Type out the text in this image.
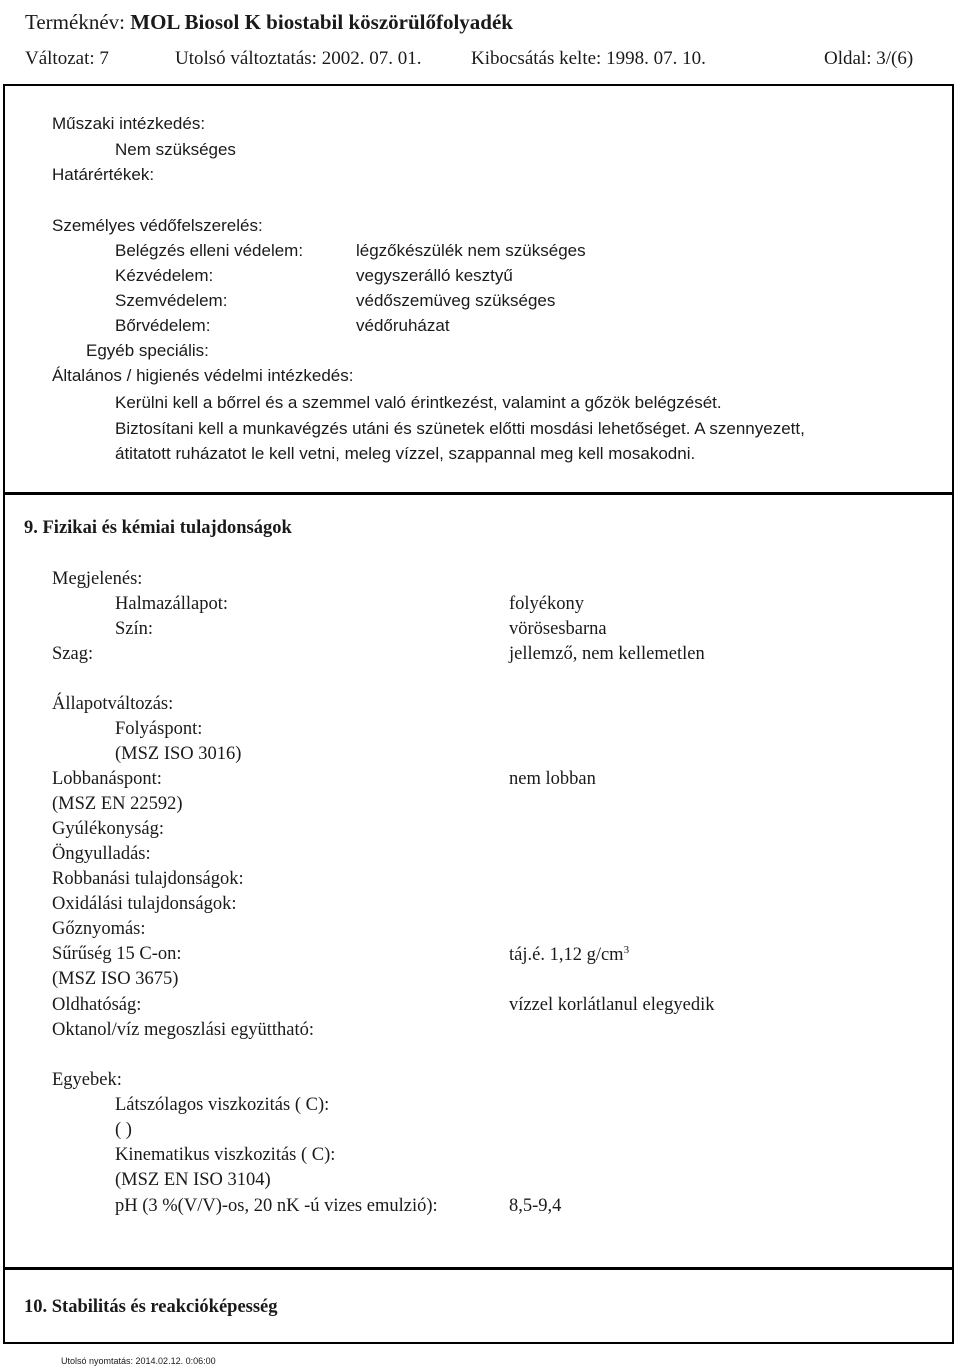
Terméknév: MOL Biosol K biostabil köszörülőfolyadék
Változat: 7	Utolsó változtatás: 2002. 07. 01.	Kibocsátás kelte: 1998. 07. 10.	Oldal: 3/(6)
Műszaki intézkedés:
Nem szükséges
Határértékek:
Személyes védőfelszerelés:
Belégzés elleni védelem:	légzőkészülék nem szükséges
Kézvédelem:	vegyszerálló kesztyű
Szemvédelem:	védőszemüveg szükséges
Bőrvédelem:	védőruházat
Egyéb speciális:
Általános / higienés védelmi intézkedés:
Kerülni kell a bőrrel és a szemmel való érintkezést, valamint a gőzök belégzését.
Biztosítani kell a munkavégzés utáni és szünetek előtti mosdási lehetőséget. A szennyezett,
átitatott ruházatot le kell vetni, meleg vízzel, szappannal meg kell mosakodni.
9. Fizikai és kémiai tulajdonságok
Megjelenés:
Halmazállapot:	folyékony
Szín:	vörösesbarna
Szag:	jellemző, nem kellemetlen
Állapotváltozás:
Folyáspont:
(MSZ ISO 3016)
Lobbanáspont:	nem lobban
(MSZ EN 22592)
Gyúlékonyság:
Öngyulladás:
Robbanási tulajdonságok:
Oxidálási tulajdonságok:
Gőznyomás:
Sűrűség 15 C-on:	táj.é. 1,12 $g/cm^3$
(MSZ ISO 3675)
Oldhatóság:	vízzel korlátlanul elegyedik
Oktanol/víz megoszlási együttható:
Egyebek:
Látszólagos viszkozitás ( C):
( )
Kinematikus viszkozitás ( C):
(MSZ EN ISO 3104)
pH (3 %(V/V)-os, 20 nK -ú vizes emulzió):	8,5-9,4
10. Stabilitás és reakcióképesség
Utolsó nyomtatás: 2014.02.12. 0:06:00
